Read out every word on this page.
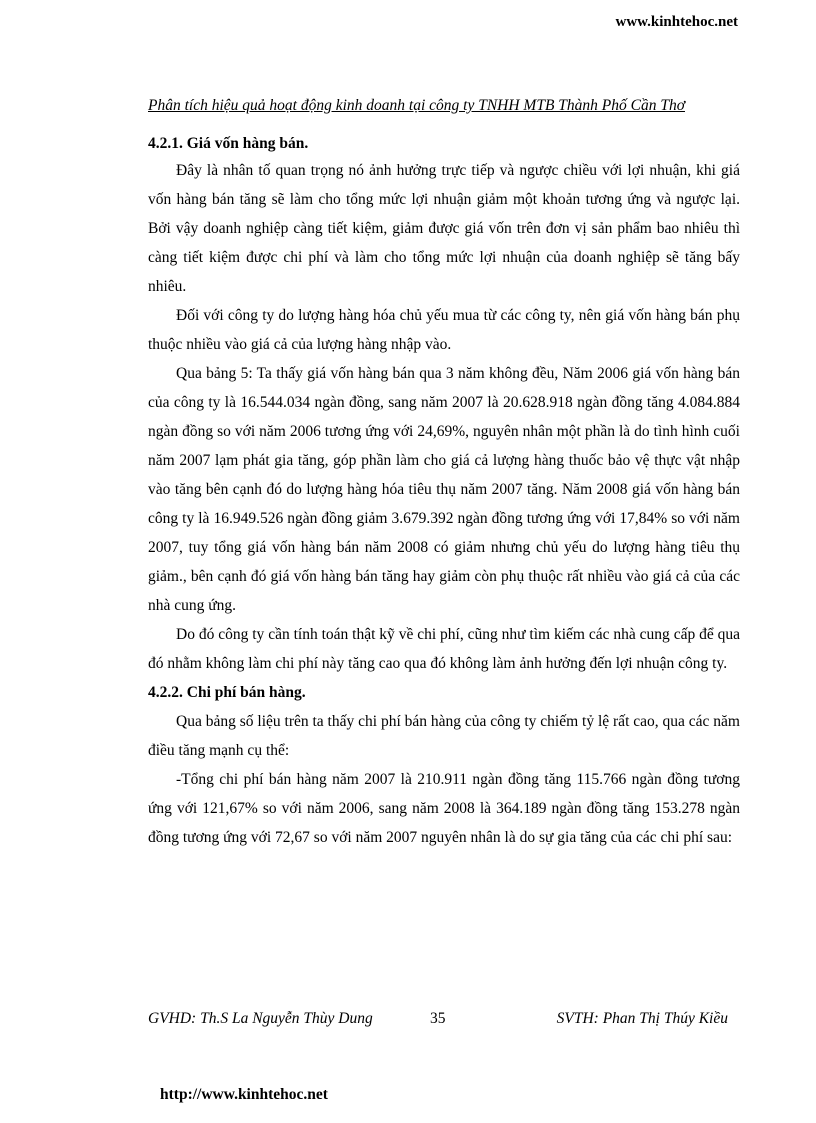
www.kinhtehoc.net
Phân tích hiệu quả hoạt động kinh doanh tại công ty TNHH MTB Thành Phố Cần Thơ

4.2.1. Giá vốn hàng bán.

Đây là nhân tố quan trọng nó ảnh hưởng trực tiếp và ngược chiều với lợi nhuận, khi giá vốn hàng bán tăng sẽ làm cho tổng mức lợi nhuận giảm một khoản tương ứng và ngược lại. Bởi vậy doanh nghiệp càng tiết kiệm, giảm được giá vốn trên đơn vị sản phẩm bao nhiêu thì càng tiết kiệm được chi phí và làm cho tổng mức lợi nhuận của doanh nghiệp sẽ tăng bấy nhiêu.

Đối với công ty do lượng hàng hóa chủ yếu mua từ các công ty, nên giá vốn hàng bán phụ thuộc nhiều vào giá cả của lượng hàng nhập vào.

Qua bảng 5: Ta thấy giá vốn hàng bán qua 3 năm không đều, Năm 2006 giá vốn hàng bán của công ty là 16.544.034 ngàn đồng, sang năm 2007 là 20.628.918 ngàn đồng tăng 4.084.884 ngàn đồng so với năm 2006 tương ứng với 24,69%, nguyên nhân một phần là do tình hình cuối năm 2007 lạm phát gia tăng, góp phần làm cho giá cả lượng hàng thuốc bảo vệ thực vật nhập vào tăng bên cạnh đó do lượng hàng hóa tiêu thụ năm 2007 tăng. Năm 2008 giá vốn hàng bán công ty là 16.949.526 ngàn đồng giảm 3.679.392 ngàn đồng tương ứng với 17,84% so với năm 2007, tuy tổng giá vốn hàng bán năm 2008 có giảm nhưng chủ yếu do lượng hàng tiêu thụ giảm., bên cạnh đó giá vốn hàng bán tăng hay giảm còn phụ thuộc rất nhiều vào giá cả của các nhà cung ứng.

Do đó công ty cần tính toán thật kỹ về chi phí, cũng như tìm kiếm các nhà cung cấp để qua đó nhằm không làm chi phí này tăng cao qua đó không làm ảnh hưởng đến lợi nhuận công ty.

4.2.2. Chi phí bán hàng.

Qua bảng số liệu trên ta thấy chi phí bán hàng của công ty chiếm tỷ lệ rất cao, qua các năm điều tăng mạnh cụ thể:

-Tổng chi phí bán hàng năm 2007 là 210.911 ngàn đồng tăng 115.766 ngàn đồng tương ứng với 121,67% so với năm 2006, sang năm 2008 là 364.189 ngàn đồng tăng 153.278 ngàn đồng tương ứng với 72,67 so với năm 2007 nguyên nhân là do sự gia tăng của các chi phí sau:

GVHD: Th.S La Nguyễn Thùy Dung	35	SVTH: Phan Thị Thúy Kiều
http://www.kinhtehoc.net
